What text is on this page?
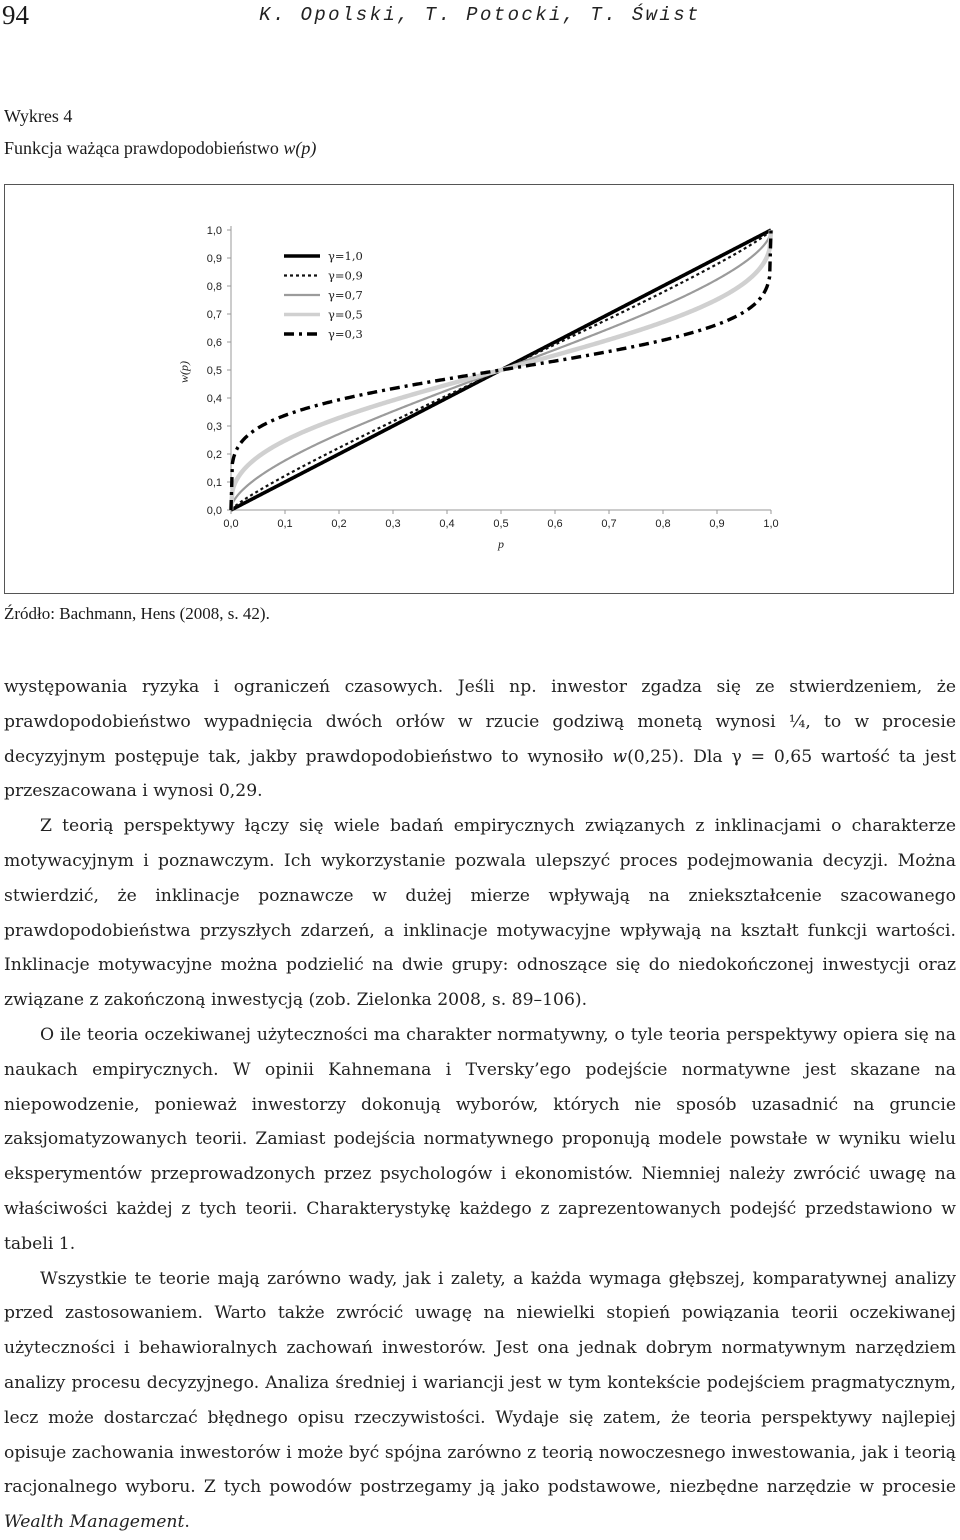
94	K. Opolski, T. Potocki, T. Świst
Wykres 4
Funkcja ważąca prawdopodobieństwo w(p)
0,0
0,1
0,2
0,3
0,4
0,5
0,6
0,7
0,8
0,9
1,0
0,0	0,1	0,2	0,3	0,4	0,5	0,6	0,7	0,8	0,9	1,0
p
w(p)
γ=1,0
γ=0,9
γ=0,7
γ=0,5
γ=0,3
Źródło: Bachmann, Hens (2008, s. 42).

występowania ryzyka i ograniczeń czasowych. Jeśli np. inwestor zgadza się ze stwierdzeniem, że prawdopodobieństwo wypadnięcia dwóch orłów w rzucie godziwą monetą wynosi ¼, to w procesie decyzyjnym postępuje tak, jakby prawdopodobieństwo to wynosiło w(0,25). Dla γ = 0,65 wartość ta jest przeszacowana i wynosi 0,29.

Z teorią perspektywy łączy się wiele badań empirycznych związanych z inklinacjami o charakterze motywacyjnym i poznawczym. Ich wykorzystanie pozwala ulepszyć proces podejmowania decyzji. Można stwierdzić, że inklinacje poznawcze w dużej mierze wpływają na zniekształcenie szacowanego prawdopodobieństwa przyszłych zdarzeń, a inklinacje motywacyjne wpływają na kształt funkcji wartości. Inklinacje motywacyjne można podzielić na dwie grupy: odnoszące się do niedokończonej inwestycji oraz związane z zakończoną inwestycją (zob. Zielonka 2008, s. 89–106).

O ile teoria oczekiwanej użyteczności ma charakter normatywny, o tyle teoria perspektywy opiera się na naukach empirycznych. W opinii Kahnemana i Tversky’ego podejście normatywne jest skazane na niepowodzenie, ponieważ inwestorzy dokonują wyborów, których nie sposób uzasadnić na gruncie zaksjomatyzowanych teorii. Zamiast podejścia normatywnego proponują modele powstałe w wyniku wielu eksperymentów przeprowadzonych przez psychologów i ekonomistów. Niemniej należy zwrócić uwagę na właściwości każdej z tych teorii. Charakterystykę każdego z zaprezentowanych podejść przedstawiono w tabeli 1.

Wszystkie te teorie mają zarówno wady, jak i zalety, a każda wymaga głębszej, komparatywnej analizy przed zastosowaniem. Warto także zwrócić uwagę na niewielki stopień powiązania teorii oczekiwanej użyteczności i behawioralnych zachowań inwestorów. Jest ona jednak dobrym normatywnym narzędziem analizy procesu decyzyjnego. Analiza średniej i wariancji jest w tym kontekście podejściem pragmatycznym, lecz może dostarczać błędnego opisu rzeczywistości. Wydaje się zatem, że teoria perspektywy najlepiej opisuje zachowania inwestorów i może być spójna zarówno z teorią nowoczesnego inwestowania, jak i teorią racjonalnego wyboru. Z tych powodów postrzegamy ją jako podstawowe, niezbędne narzędzie w procesie Wealth Management.
